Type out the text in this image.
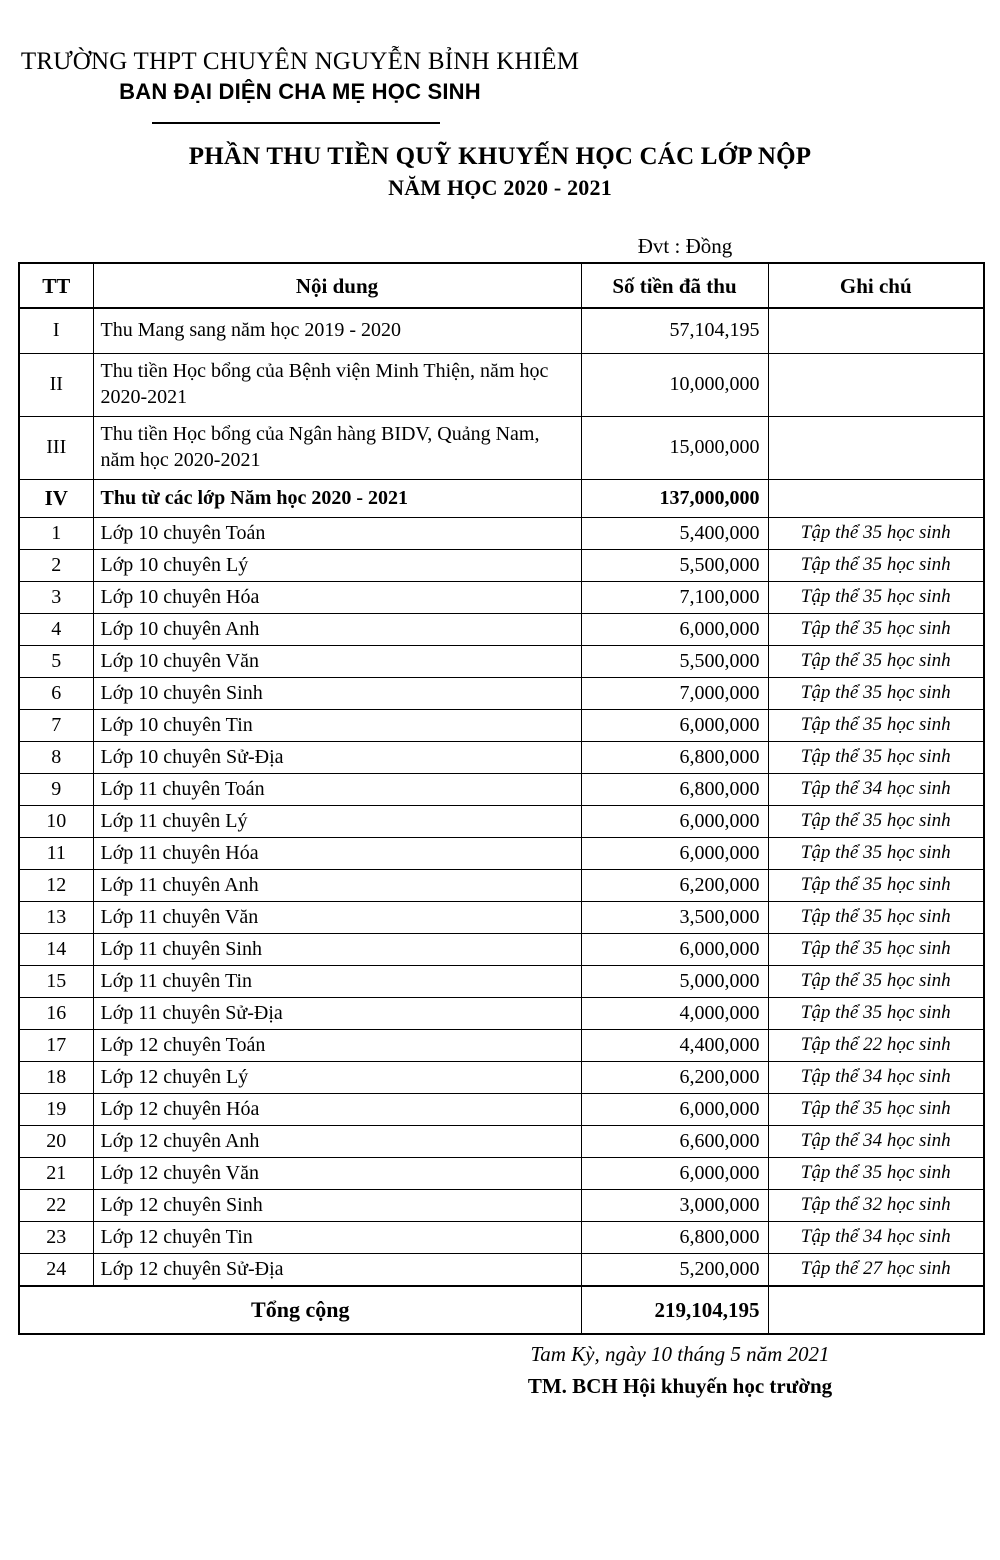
TRƯỜNG THPT CHUYÊN NGUYỄN BỈNH KHIÊM
BAN ĐẠI DIỆN CHA MẸ HỌC SINH
PHẦN THU TIỀN QUỸ KHUYẾN HỌC CÁC LỚP NỘP
NĂM HỌC 2020 - 2021
Đvt : Đồng
TT	Nội dung	Số tiền đã thu	Ghi chú
I	Thu Mang sang năm học 2019 - 2020	57,104,195	
II	Thu tiền Học bổng của Bệnh viện Minh Thiện, năm học 2020-2021	10,000,000	
III	Thu tiền Học bổng của Ngân hàng BIDV, Quảng Nam, năm học 2020-2021	15,000,000	
IV	Thu từ các lớp Năm học 2020 - 2021	137,000,000	
1	Lớp 10 chuyên Toán	5,400,000	Tập thể 35 học sinh
2	Lớp 10 chuyên Lý	5,500,000	Tập thể 35 học sinh
3	Lớp 10 chuyên Hóa	7,100,000	Tập thể 35 học sinh
4	Lớp 10 chuyên Anh	6,000,000	Tập thể 35 học sinh
5	Lớp 10 chuyên Văn	5,500,000	Tập thể 35 học sinh
6	Lớp 10 chuyên Sinh	7,000,000	Tập thể 35 học sinh
7	Lớp 10 chuyên Tin	6,000,000	Tập thể 35 học sinh
8	Lớp 10 chuyên Sử-Địa	6,800,000	Tập thể 35 học sinh
9	Lớp 11 chuyên Toán	6,800,000	Tập thể 34 học sinh
10	Lớp 11 chuyên Lý	6,000,000	Tập thể 35 học sinh
11	Lớp 11 chuyên Hóa	6,000,000	Tập thể 35 học sinh
12	Lớp 11 chuyên Anh	6,200,000	Tập thể 35 học sinh
13	Lớp 11 chuyên Văn	3,500,000	Tập thể 35 học sinh
14	Lớp 11 chuyên Sinh	6,000,000	Tập thể 35 học sinh
15	Lớp 11 chuyên Tin	5,000,000	Tập thể 35 học sinh
16	Lớp 11 chuyên Sử-Địa	4,000,000	Tập thể 35 học sinh
17	Lớp 12 chuyên Toán	4,400,000	Tập thể 22 học sinh
18	Lớp 12 chuyên Lý	6,200,000	Tập thể 34 học sinh
19	Lớp 12 chuyên Hóa	6,000,000	Tập thể 35 học sinh
20	Lớp 12 chuyên Anh	6,600,000	Tập thể 34 học sinh
21	Lớp 12 chuyên Văn	6,000,000	Tập thể 35 học sinh
22	Lớp 12 chuyên Sinh	3,000,000	Tập thể 32 học sinh
23	Lớp 12 chuyên Tin	6,800,000	Tập thể 34 học sinh
24	Lớp 12 chuyên Sử-Địa	5,200,000	Tập thể 27 học sinh
Tổng cộng		219,104,195	
Tam Kỳ, ngày 10 tháng 5 năm 2021
TM. BCH Hội khuyến học trường
